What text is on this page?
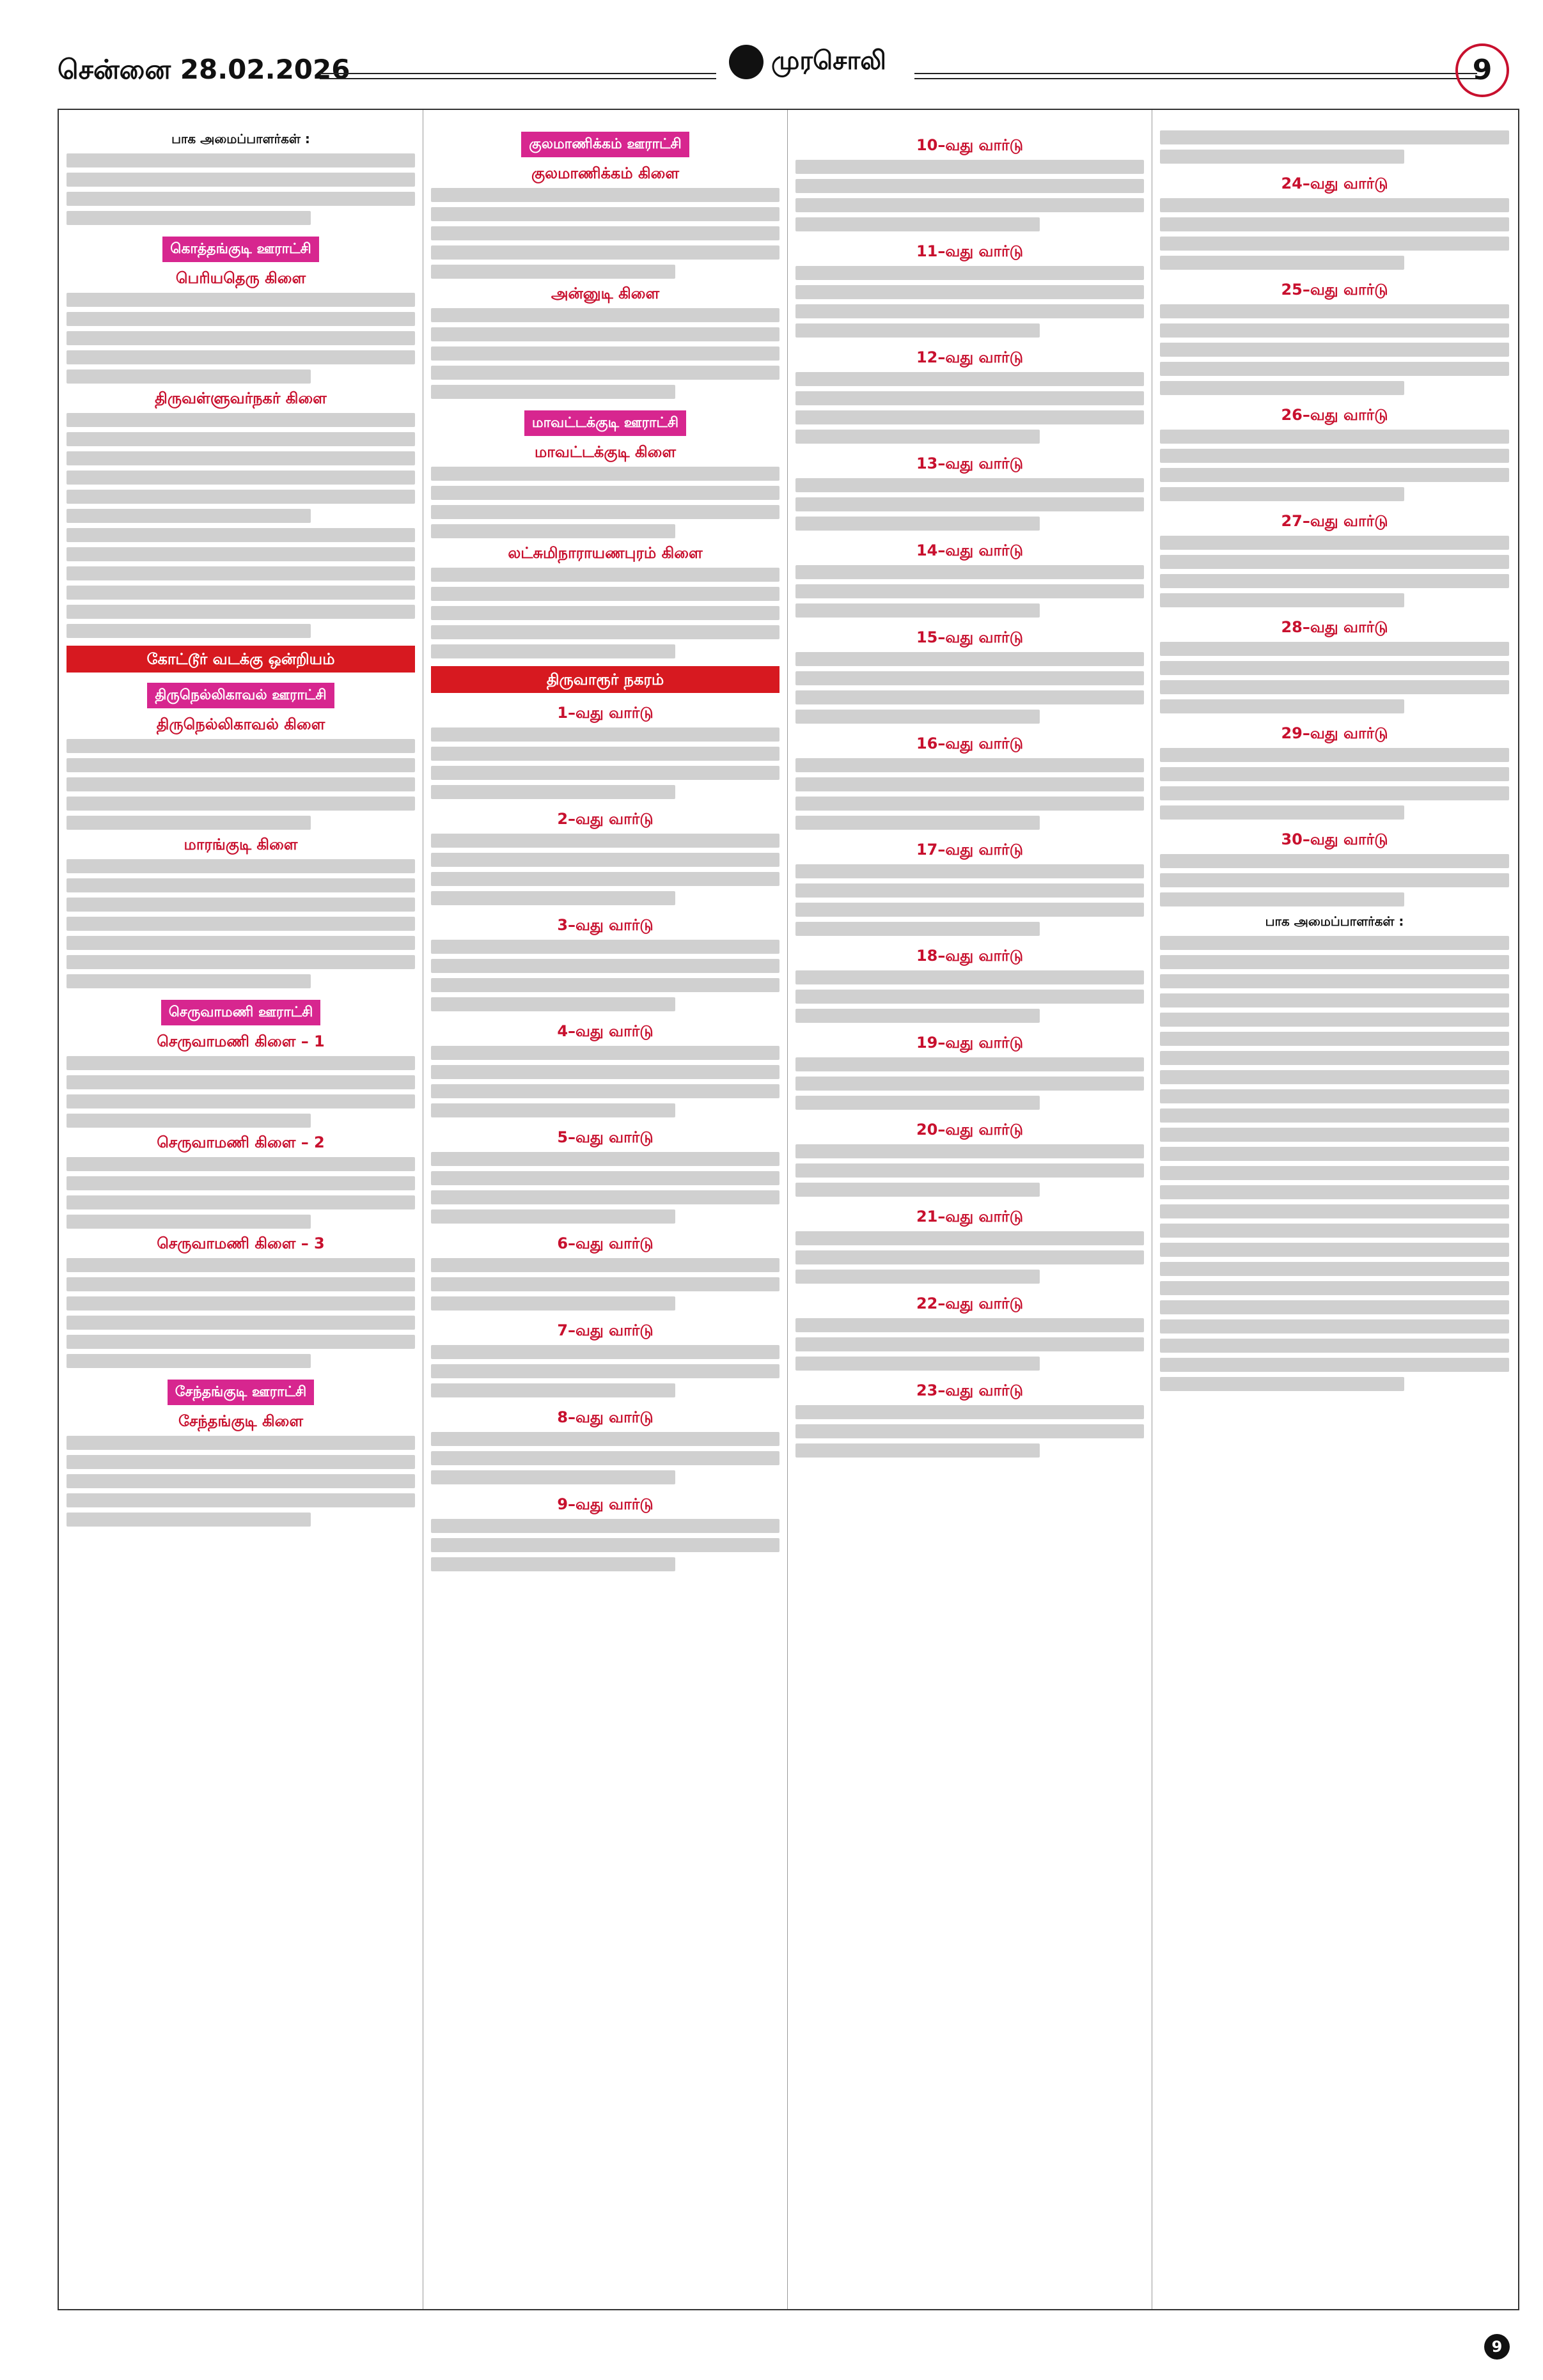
சென்னை 28.02.2026	முரசொலி	9
பாக அமைப்பாளர்கள் :
கொத்தங்குடி ஊராட்சி
பெரியதெரு கிளை
திருவள்ளுவர்நகர் கிளை
கோட்டூர் வடக்கு ஒன்றியம்
திருநெல்லிகாவல் ஊராட்சி
திருநெல்லிகாவல் கிளை
மாரங்குடி கிளை
செருவாமணி ஊராட்சி
செருவாமணி கிளை – 1
செருவாமணி கிளை – 2
செருவாமணி கிளை – 3
சேந்தங்குடி ஊராட்சி
சேந்தங்குடி கிளை
குலமாணிக்கம் ஊராட்சி
குலமாணிக்கம் கிளை
அன்னுடி கிளை
மாவட்டக்குடி ஊராட்சி
மாவட்டக்குடி கிளை
லட்சுமிநாராயணபுரம் கிளை
திருவாரூர் நகரம்
1–வது வார்டு
2–வது வார்டு
3–வது வார்டு
4–வது வார்டு
5–வது வார்டு
6–வது வார்டு
7–வது வார்டு
8–வது வார்டு
9–வது வார்டு
10–வது வார்டு
11–வது வார்டு
12–வது வார்டு
13–வது வார்டு
14–வது வார்டு
15–வது வார்டு
16–வது வார்டு
17–வது வார்டு
18–வது வார்டு
19–வது வார்டு
20–வது வார்டு
21–வது வார்டு
22–வது வார்டு
23–வது வார்டு
24–வது வார்டு
25–வது வார்டு
26–வது வார்டு
27–வது வார்டு
28–வது வார்டு
29–வது வார்டு
30–வது வார்டு
பாக அமைப்பாளர்கள் :
9
